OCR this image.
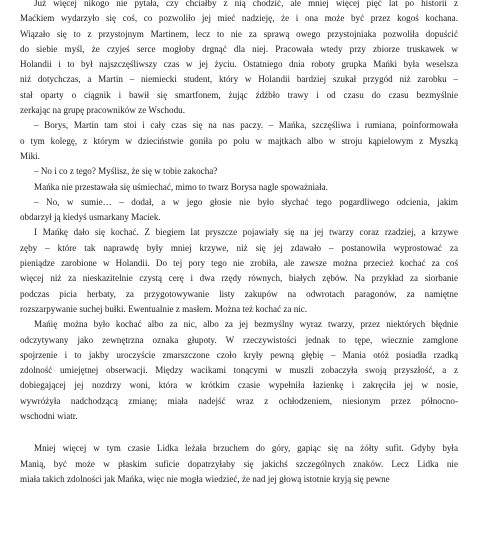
Już więcej nikogo nie pytała, czy chciałby z nią chodzić, ale mniej więcej pięć lat po historii z
Maćkiem wydarzyło się coś, co pozwoliło jej mieć nadzieję, że i ona może być przez kogoś kochana.
Wiązało się to z przystojnym Martinem, lecz to nie za sprawą owego przystojniaka pozwoliła dopuścić
do siebie myśl, że czyjeś serce mogłoby drgnąć dla niej. Pracowała wtedy przy zbiorze truskawek w
Holandii i to był najszczęśliwszy czas w jej życiu. Ostatniego dnia roboty grupka Mańki była weselsza
niż dotychczas, a Martin – niemiecki student, który w Holandii bardziej szukał przygód niż zarobku –
stał oparty o ciągnik i bawił się smartfonem, żując źdźbło trawy i od czasu do czasu bezmyślnie
zerkając na grupę pracowników ze Wschodu.
– Borys, Martin tam stoi i cały czas się na nas paczy. – Mańka, szczęśliwa i rumiana, poinformowała
o tym kolegę, z którym w dzieciństwie goniła po polu w majtkach albo w stroju kąpielowym z Myszką
Miki.
– No i co z tego? Myślisz, że się w tobie zakocha?
Mańka nie przestawała się uśmiechać, mimo to twarz Borysa nagle spoważniała.
– No, w sumie… – dodał, a w jego głosie nie było słychać tego pogardliwego odcienia, jakim
obdarzył ją kiedyś usmarkany Maciek.
I Mańkę dało się kochać. Z biegiem lat pryszcze pojawiały się na jej twarzy coraz rzadziej, a krzywe
zęby – które tak naprawdę były mniej krzywe, niż się jej zdawało – postanowiła wyprostować za
pieniądze zarobione w Holandii. Do tej pory tego nie zrobiła, ale zawsze można przecież kochać za coś
więcej niż za nieskazitelnie czystą cerę i dwa rzędy równych, białych zębów. Na przykład za siorbanie
podczas picia herbaty, za przygotowywanie listy zakupów na odwrotach paragonów, za namiętne
rozszarpywanie suchej bułki. Ewentualnie z masłem. Można też kochać za nic.
Mańię można było kochać albo za nic, albo za jej bezmyślny wyraz twarzy, przez niektórych błędnie
odczytywany jako zewnętrzna oznaka głupoty. W rzeczywistości jednak to tępe, wiecznie zamglone
spojrzenie i to jakby uroczyście zmarszczone czoło kryły pewną głębię – Mania otóż posiadła rzadką
zdolność umiejętnej obserwacji. Między wacikami tonącymi w muszli zobaczyła swoją przyszłość, a z
dobiegającej jej nozdrzy woni, która w krótkim czasie wypełniła łazienkę i zakręciła jej w nosie,
wywróżyła nadchodzącą zmianę; miała nadejść wraz z ochłodzeniem, niesionym przez północno-
wschodni wiatr.
Mniej więcej w tym czasie Lidka leżała brzuchem do góry, gapiąc się na żółty sufit. Gdyby była
Manią, być może w płaskim suficie dopatrzyłaby się jakichś szczególnych znaków. Lecz Lidka nie
miała takich zdolności jak Mańka, więc nie mogła wiedzieć, że nad jej głową istotnie kryją się pewne
